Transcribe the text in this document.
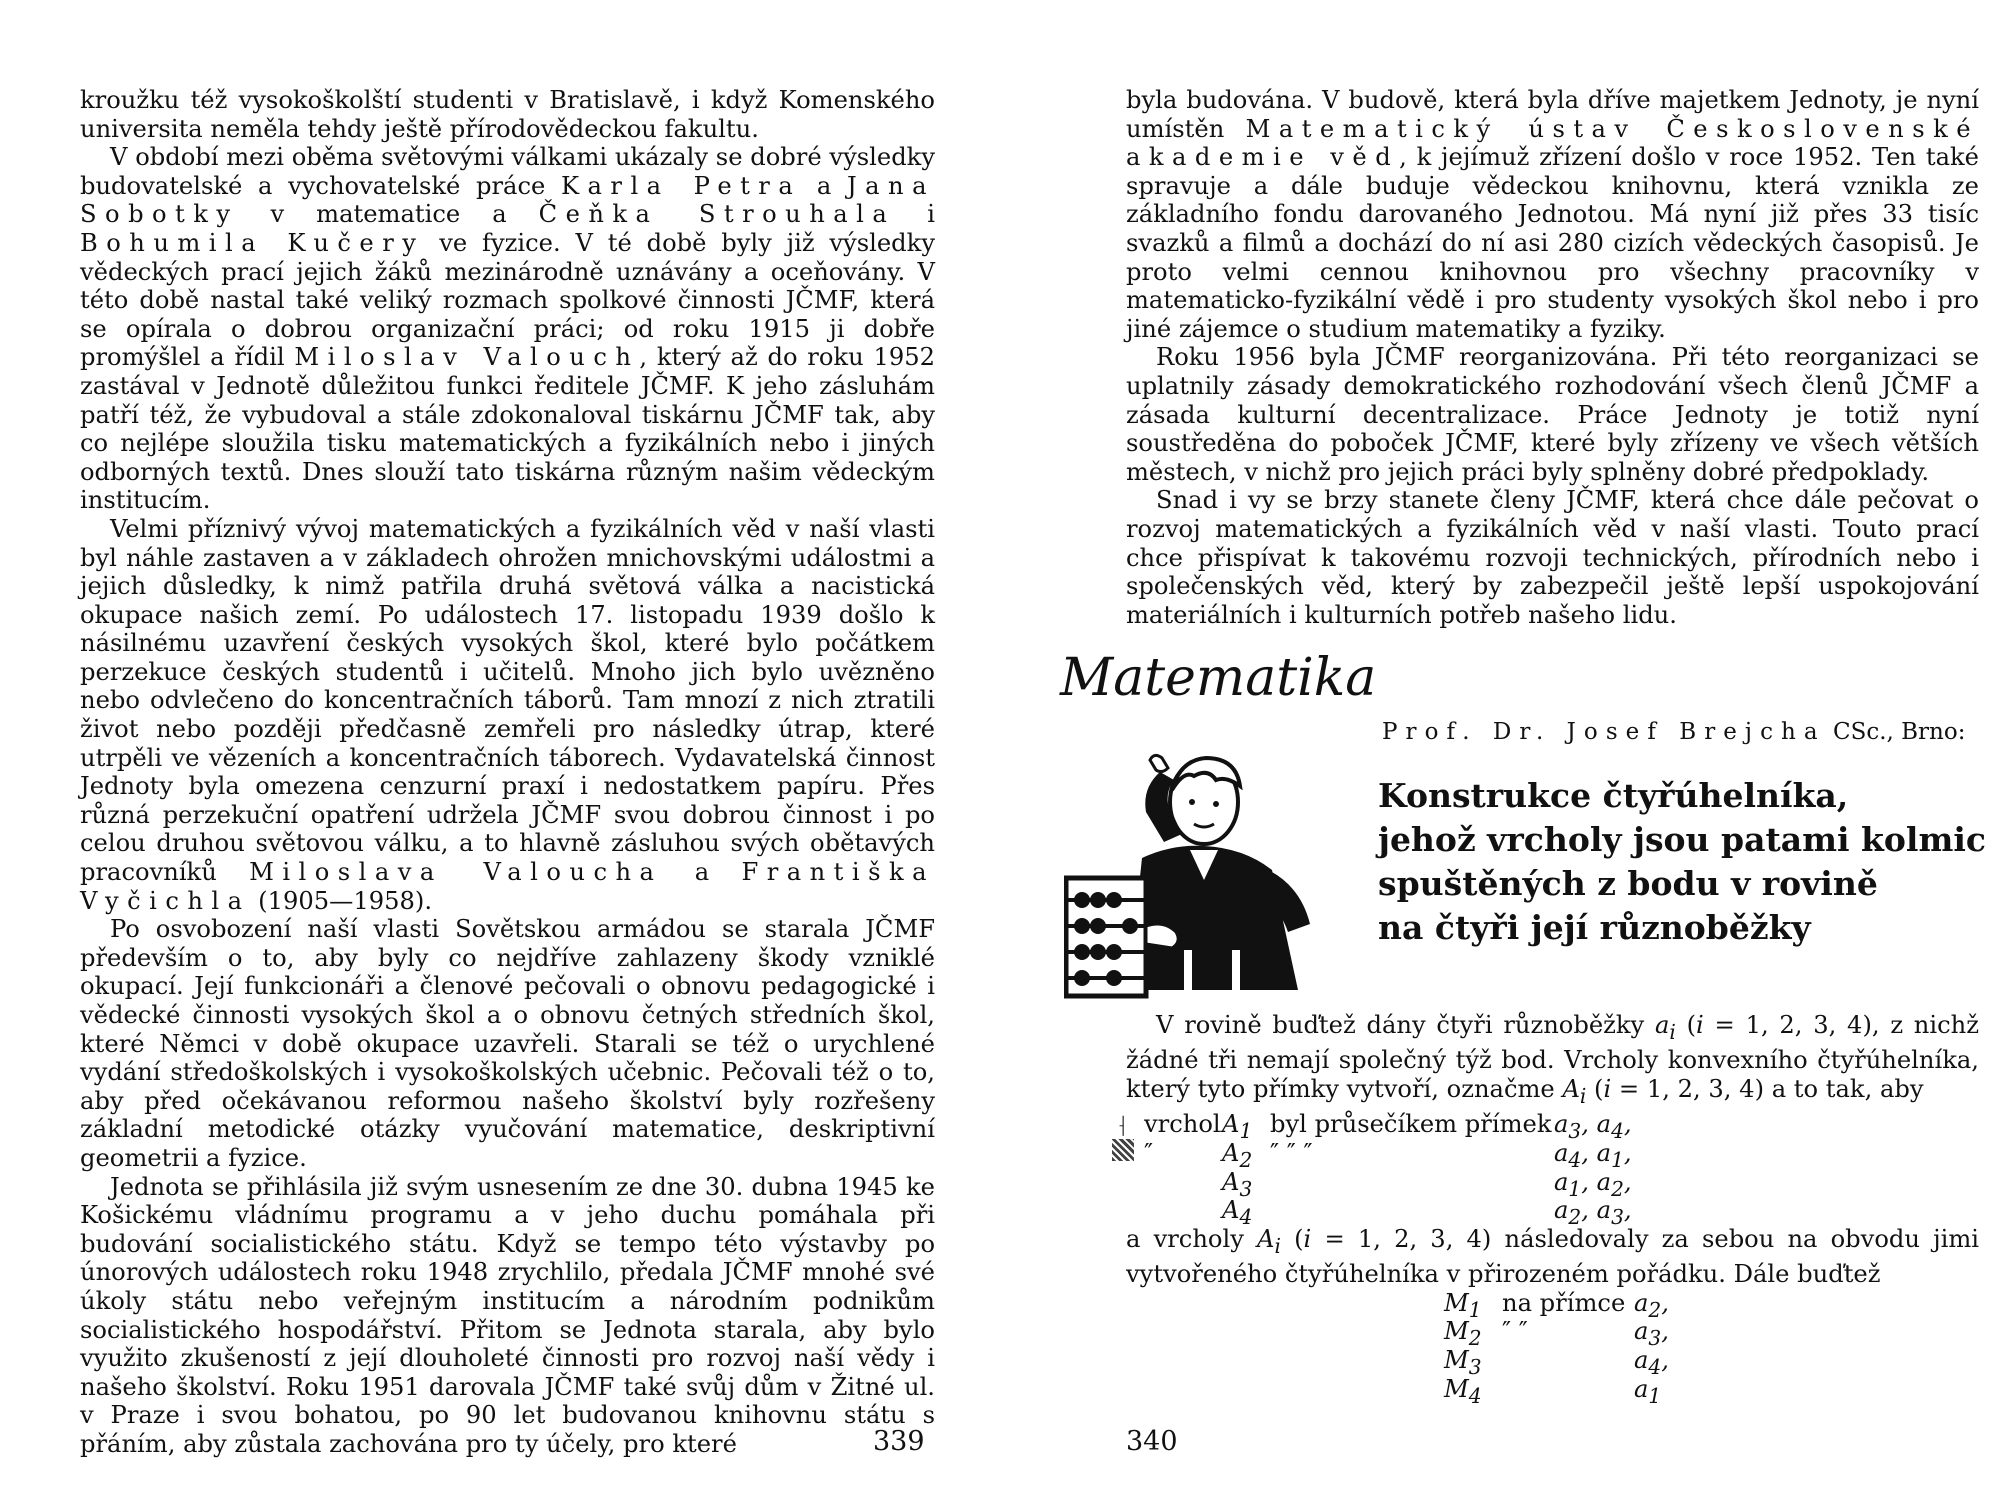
kroužku též vysokoškolští studenti v Bratislavě, i když Komenského universita neměla tehdy ještě přírodovědeckou fakultu.

V období mezi oběma světovými válkami ukázaly se dobré výsledky budovatelské a vychovatelské práce Karla Petra a Jana Sobotky v matematice a Čeňka Strouhala i Bohumila Kučery ve fyzice. V té době byly již výsledky vědeckých prací jejich žáků mezinárodně uznávány a oceňovány. V této době nastal také veliký rozmach spolkové činnosti JČMF, která se opírala o dobrou organizační práci; od roku 1915 ji dobře promýšlel a řídil Miloslav Valouch, který až do roku 1952 zastával v Jednotě důležitou funkci ředitele JČMF. K jeho zásluhám patří též, že vybudoval a stále zdokonaloval tiskárnu JČMF tak, aby co nejlépe sloužila tisku matematických a fyzikálních nebo i jiných odborných textů. Dnes slouží tato tiskárna různým našim vědeckým institucím.

Velmi příznivý vývoj matematických a fyzikálních věd v naší vlasti byl náhle zastaven a v základech ohrožen mnichovskými událostmi a jejich důsledky, k nimž patřila druhá světová válka a nacistická okupace našich zemí. Po událostech 17. listopadu 1939 došlo k násilnému uzavření českých vysokých škol, které bylo počátkem perzekuce českých studentů i učitelů. Mnoho jich bylo uvězněno nebo odvlečeno do koncentračních táborů. Tam mnozí z nich ztratili život nebo později předčasně zemřeli pro následky útrap, které utrpěli ve vězeních a koncentračních táborech. Vydavatelská činnost Jednoty byla omezena cenzurní praxí i nedostatkem papíru. Přes různá perzekuční opatření udržela JČMF svou dobrou činnost i po celou druhou světovou válku, a to hlavně zásluhou svých obětavých pracovníků Miloslava Valoucha a Františka Vyčichla (1905—1958).

Po osvobození naší vlasti Sovětskou armádou se starala JČMF především o to, aby byly co nejdříve zahlazeny škody vzniklé okupací. Její funkcionáři a členové pečovali o obnovu pedagogické i vědecké činnosti vysokých škol a o obnovu četných středních škol, které Němci v době okupace uzavřeli. Starali se též o urychlené vydání středoškolských i vysokoškolských učebnic. Pečovali též o to, aby před očekávanou reformou našeho školství byly rozřešeny základní metodické otázky vyučování matematice, deskriptivní geometrii a fyzice.

Jednota se přihlásila již svým usnesením ze dne 30. dubna 1945 ke Košickému vládnímu programu a v jeho duchu pomáhala při budování socialistického státu. Když se tempo této výstavby po únorových událostech roku 1948 zrychlilo, předala JČMF mnohé své úkoly státu nebo veřejným institucím a národním podnikům socialistického hospodářství. Přitom se Jednota starala, aby bylo využito zkušeností z její dlouholeté činnosti pro rozvoj naší vědy i našeho školství. Roku 1951 darovala JČMF také svůj dům v Žitné ul. v Praze i svou bohatou, po 90 let budovanou knihovnu státu s přáním, aby zůstala zachována pro ty účely, pro které	339

byla budována. V budově, která byla dříve majetkem Jednoty, je nyní umístěn Matematický ústav Československé akademie věd, k jejímuž zřízení došlo v roce 1952. Ten také spravuje a dále buduje vědeckou knihovnu, která vznikla ze základního fondu darovaného Jednotou. Má nyní již přes 33 tisíc svazků a filmů a dochází do ní asi 280 cizích vědeckých časopisů. Je proto velmi cennou knihovnou pro všechny pracovníky v matematicko-fyzikální vědě i pro studenty vysokých škol nebo i pro jiné zájemce o studium matematiky a fyziky.

Roku 1956 byla JČMF reorganizována. Při této reorganizaci se uplatnily zásady demokratického rozhodování všech členů JČMF a zásada kulturní decentralizace. Práce Jednoty je totiž nyní soustředěna do poboček JČMF, které byly zřízeny ve všech větších městech, v nichž pro jejich práci byly splněny dobré předpoklady.

Snad i vy se brzy stanete členy JČMF, která chce dále pečovat o rozvoj matematických a fyzikálních věd v naší vlasti. Touto prací chce přispívat k takovému rozvoji technických, přírodních nebo i společenských věd, který by zabezpečil ještě lepší uspokojování materiálních i kulturních potřeb našeho lidu.

Matematika
Prof. Dr. Josef Brejcha CSc., Brno:
Konstrukce čtyřúhelníka,
jehož vrcholy jsou patami kolmic
spuštěných z bodu v rovině
na čtyři její různoběžky

V rovině buďtež dány čtyři různoběžky $a_i$ (i = 1, 2, 3, 4), z nichž žádné tři nemají společný týž bod. Vrcholy konvexního čtyřúhelníka, který tyto přímky vytvoří, označme $A_i$ (i = 1, 2, 3, 4) a to tak, aby

⸡ vrchol $A_1$ byl průsečíkem přímek $a_3$, $a_4$,
″	$A_2$ ″ ″ ″	$a_4$, $a_1$,
$A_3$	$a_1$, $a_2$,
$A_4$	$a_2$, $a_3$,

a vrcholy $A_i$ (i = 1, 2, 3, 4) následovaly za sebou na obvodu jimi vytvořeného čtyřúhelníka v přirozeném pořádku. Dále buďtež

$M_1$ na přímce $a_2$,
$M_2$ ″ ″	$a_3$,
$M_3$	$a_4$,
$M_4$	$a_1$
340
